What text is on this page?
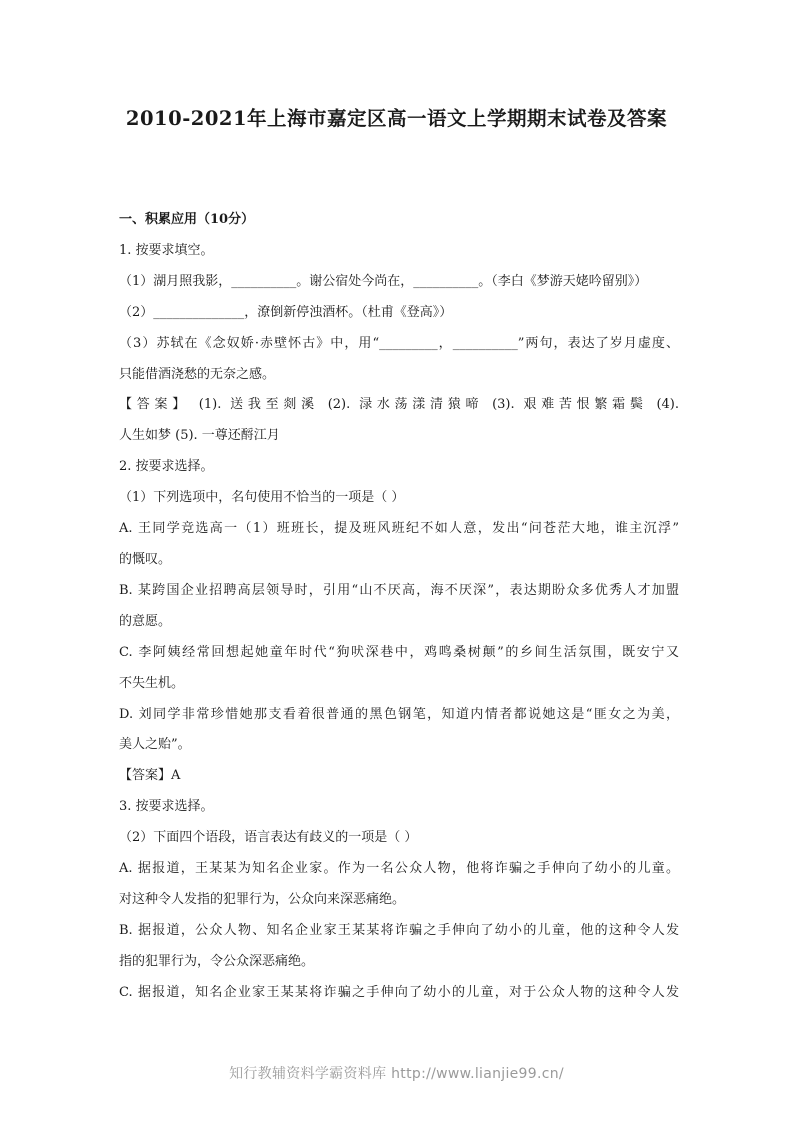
2010-2021年上海市嘉定区高一语文上学期期末试卷及答案
一、积累应用（10分）
1. 按要求填空。
（1）湖月照我影，__________。谢公宿处今尚在，__________。（李白《梦游天姥吟留别》）
（2）______________，潦倒新停浊酒杯。（杜甫《登高》）
（3）苏轼在《念奴娇·赤壁怀古》中，用“_________，__________”两句，表达了岁月虚度、
只能借酒浇愁的无奈之感。
【答案】 (1). 送我至剡溪 (2). 渌水荡漾清猿啼 (3). 艰难苦恨繁霜鬓 (4).
人生如梦 (5). 一尊还酹江月
2. 按要求选择。
（1）下列选项中，名句使用不恰当的一项是（ ）
A. 王同学竞选高一（1）班班长，提及班风班纪不如人意，发出“问苍茫大地，谁主沉浮”
的慨叹。
B. 某跨国企业招聘高层领导时，引用“山不厌高，海不厌深”，表达期盼众多优秀人才加盟
的意愿。
C. 李阿姨经常回想起她童年时代“狗吠深巷中，鸡鸣桑树颠”的乡间生活氛围，既安宁又
不失生机。
D. 刘同学非常珍惜她那支看着很普通的黑色钢笔，知道内情者都说她这是“匪女之为美，
美人之贻”。
【答案】A
3. 按要求选择。
（2）下面四个语段，语言表达有歧义的一项是（ ）
A. 据报道，王某某为知名企业家。作为一名公众人物，他将诈骗之手伸向了幼小的儿童。
对这种令人发指的犯罪行为，公众向来深恶痛绝。
B. 据报道，公众人物、知名企业家王某某将诈骗之手伸向了幼小的儿童，他的这种令人发
指的犯罪行为，令公众深恶痛绝。
C. 据报道，知名企业家王某某将诈骗之手伸向了幼小的儿童，对于公众人物的这种令人发
知行教辅资料学霸资料库 http://www.lianjie99.cn/
